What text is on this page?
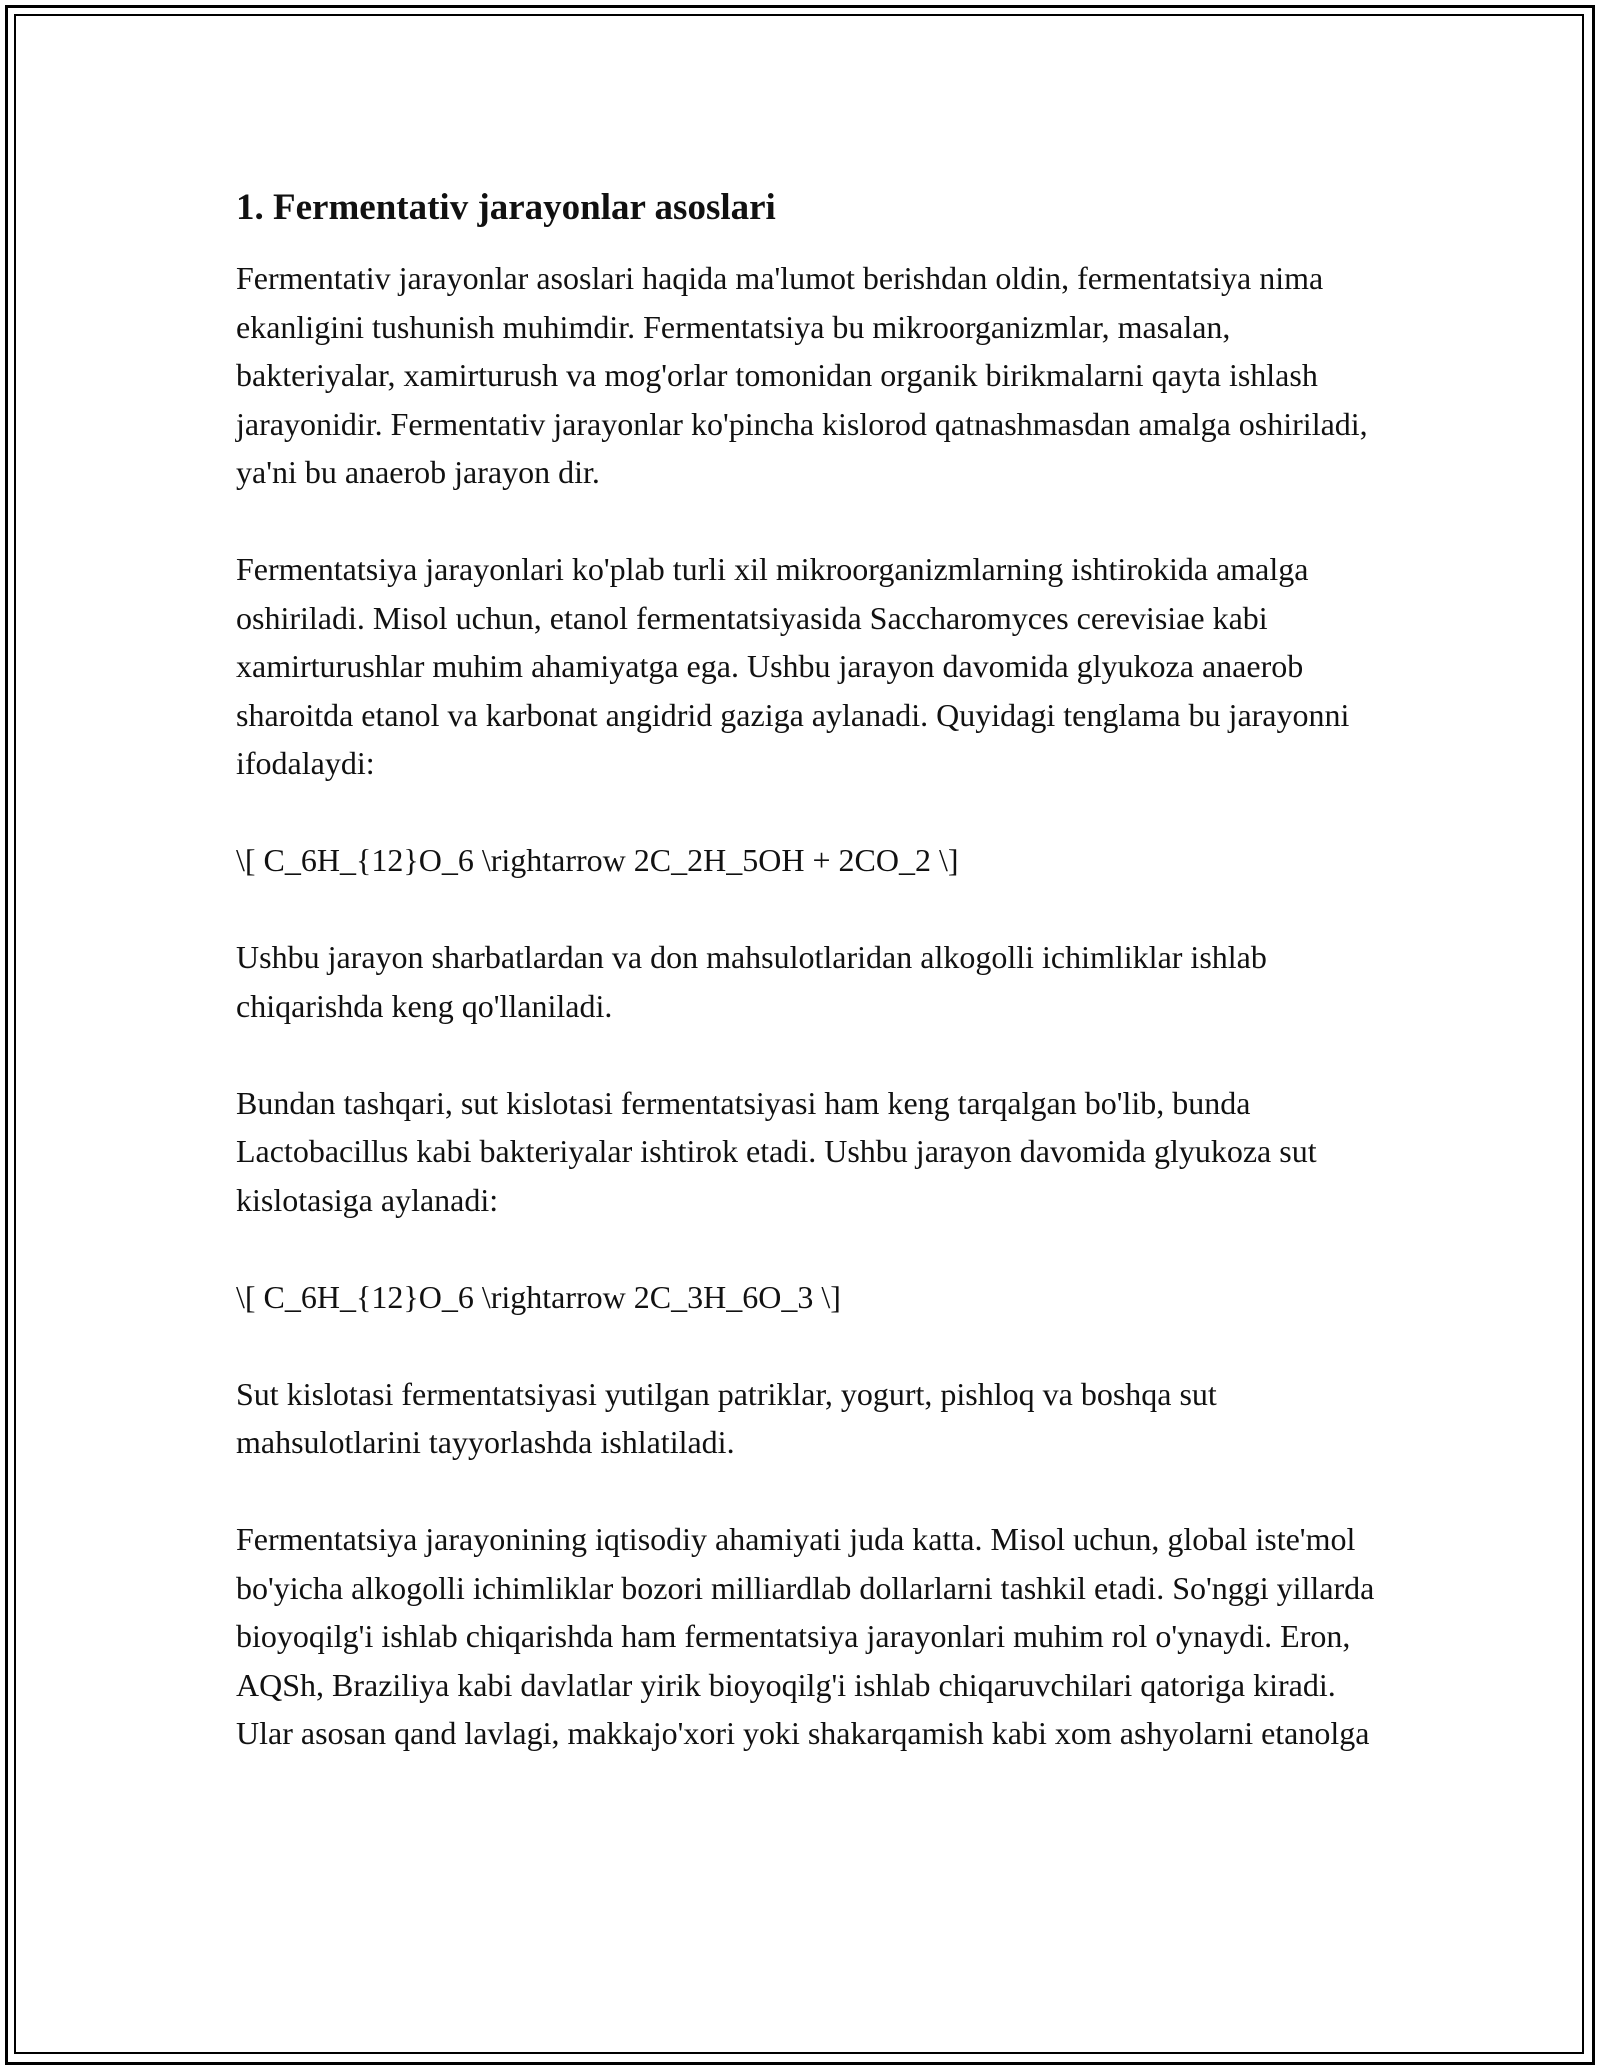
1. Fermentativ jarayonlar asoslari

Fermentativ jarayonlar asoslari haqida ma'lumot berishdan oldin, fermentatsiya nima ekanligini tushunish muhimdir. Fermentatsiya bu mikroorganizmlar, masalan, bakteriyalar, xamirturush va mog'orlar tomonidan organik birikmalarni qayta ishlash jarayonidir. Fermentativ jarayonlar ko'pincha kislorod qatnashmasdan amalga oshiriladi, ya'ni bu anaerob jarayon dir.

Fermentatsiya jarayonlari ko'plab turli xil mikroorganizmlarning ishtirokida amalga oshiriladi. Misol uchun, etanol fermentatsiyasida Saccharomyces cerevisiae kabi xamirturushlar muhim ahamiyatga ega. Ushbu jarayon davomida glyukoza anaerob sharoitda etanol va karbonat angidrid gaziga aylanadi. Quyidagi tenglama bu jarayonni ifodalaydi:

\[ C_6H_{12}O_6 \rightarrow 2C_2H_5OH + 2CO_2 \]

Ushbu jarayon sharbatlardan va don mahsulotlaridan alkogolli ichimliklar ishlab chiqarishda keng qo'llaniladi.

Bundan tashqari, sut kislotasi fermentatsiyasi ham keng tarqalgan bo'lib, bunda Lactobacillus kabi bakteriyalar ishtirok etadi. Ushbu jarayon davomida glyukoza sut kislotasiga aylanadi:

\[ C_6H_{12}O_6 \rightarrow 2C_3H_6O_3 \]

Sut kislotasi fermentatsiyasi yutilgan patriklar, yogurt, pishloq va boshqa sut mahsulotlarini tayyorlashda ishlatiladi.

Fermentatsiya jarayonining iqtisodiy ahamiyati juda katta. Misol uchun, global iste'mol bo'yicha alkogolli ichimliklar bozori milliardlab dollarlarni tashkil etadi. So'nggi yillarda bioyoqilg'i ishlab chiqarishda ham fermentatsiya jarayonlari muhim rol o'ynaydi. Eron, AQSh, Braziliya kabi davlatlar yirik bioyoqilg'i ishlab chiqaruvchilari qatoriga kiradi. Ular asosan qand lavlagi, makkajo'xori yoki shakarqamish kabi xom ashyolarni etanolga
